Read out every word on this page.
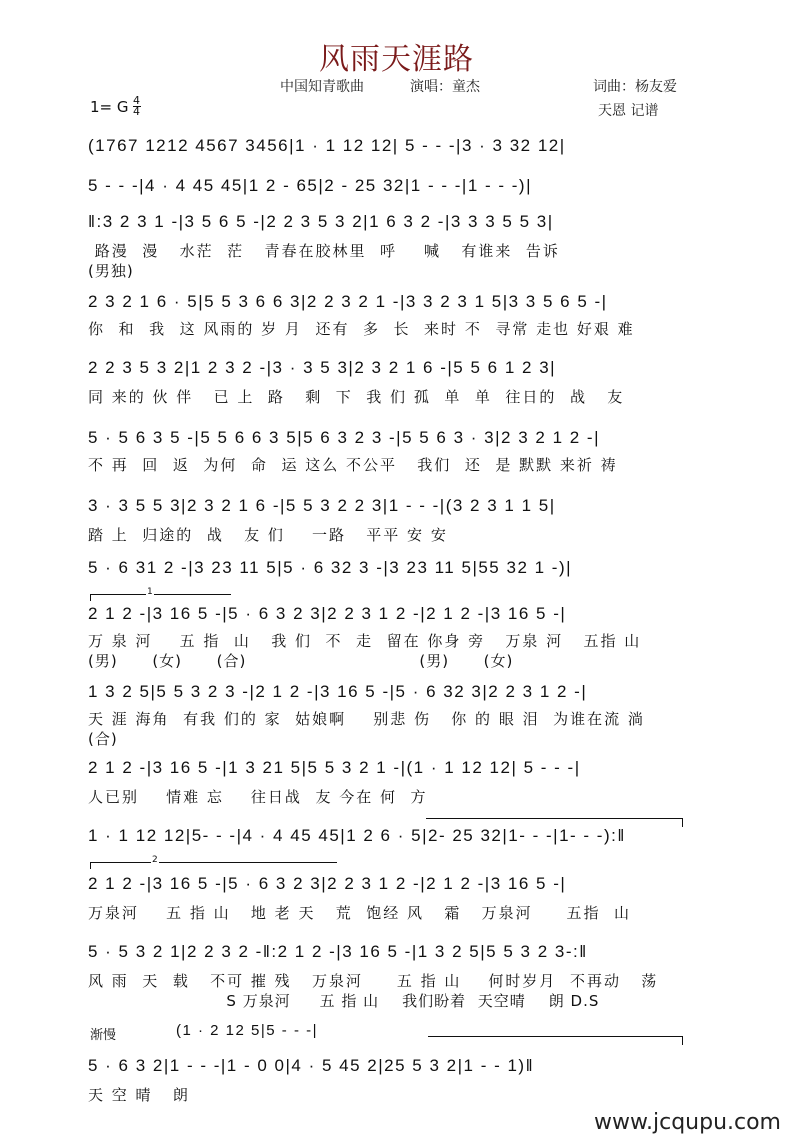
风雨天涯路
中国知青歌曲	演唱：童杰	词曲：杨友爱
天恩 记谱
1= G $\frac{4}{4}$
(1767 1212 4567 3456|1 · 1 12 12| 5 - - -|3 · 3 32 12|
5 - - -|4 · 4 45 45|1 2 - 65|2 - 25 32|1 - - -|1 - - -)|
‖:3 2 3 1 -|3 5 6 5 -|2 2 3 5 3 2|1 6 3 2 -|3 3 3 5 5 3|
路漫  漫   水茫  茫   青春在胶林里  呼    喊   有谁来  告诉
(男独)
2 3 2 1 6 · 5|5 5 3 6 6 3|2 2 3 2 1 -|3 3 2 3 1 5|3 3 5 6 5 -|
你  和  我  这 风雨的 岁 月  还有  多  长  来时 不  寻常 走也 好艰 难
2 2 3 5 3 2|1 2 3 2 -|3 · 3 5 3|2 3 2 1 6 -|5 5 6 1 2 3|
同 来的 伙 伴   已 上  路   剩  下  我 们 孤  单  单  往日的  战   友
5 · 5 6 3 5 -|5 5 6 6 3 5|5 6 3 2 3 -|5 5 6 3 · 3|2 3 2 1 2 -|
不 再  回  返  为何  命  运 这么 不公平   我们  还  是 默默 来祈 祷
3 · 3 5 5 3|2 3 2 1 6 -|5 5 3 2 2 3|1 - - -|(3 2 3 1 1 5|
踏 上  归途的  战   友 们    一路   平平 安 安
5 · 6 31 2 -|3 23 11 5|5 · 6 32 3 -|3 23 11 5|55 32 1 -)|
1
2 1 2 -|3 16 5 -|5 · 6 3 2 3|2 2 3 1 2 -|2 1 2 -|3 16 5 -|
万 泉 河    五 指  山   我 们  不  走  留在 你身 旁   万泉 河   五指 山
(男)      (女)      (合)                              (男)      (女)
1 3 2 5|5 5 3 2 3 -|2 1 2 -|3 16 5 -|5 · 6 32 3|2 2 3 1 2 -|
天 涯 海角  有我 们的 家  姑娘啊    别悲 伤   你 的 眼 泪  为谁在流 淌
(合)
2 1 2 -|3 16 5 -|1 3 21 5|5 5 3 2 1 -|(1 · 1 12 12| 5 - - -|
人已别    情难 忘    往日战  友 今在 何  方
1 · 1 12 12|5- - -|4 · 4 45 45|1 2 6 · 5|2- 25 32|1- - -|1- - -):‖
2
2 1 2 -|3 16 5 -|5 · 6 3 2 3|2 2 3 1 2 -|2 1 2 -|3 16 5 -|
万泉河    五 指 山   地 老 天   荒  饱经 风   霜   万泉河     五指  山
5 · 5 3 2 1|2 2 3 2 -‖:2 1 2 -|3 16 5 -|1 3 2 5|5 5 3 2 3-:‖
风 雨  天  载   不可 摧 残   万泉河     五 指 山    何时岁月  不再动   荡
S 万泉河     五 指 山    我们盼着  天空晴    朗 D.S
渐慢	(1 · 2 12 5|5 - - -|
5 · 6 3 2|1 - - -|1 - 0 0|4 · 5 45 2|25 5 3 2|1 - - 1)‖
天 空 晴   朗
www.jcqupu.com
